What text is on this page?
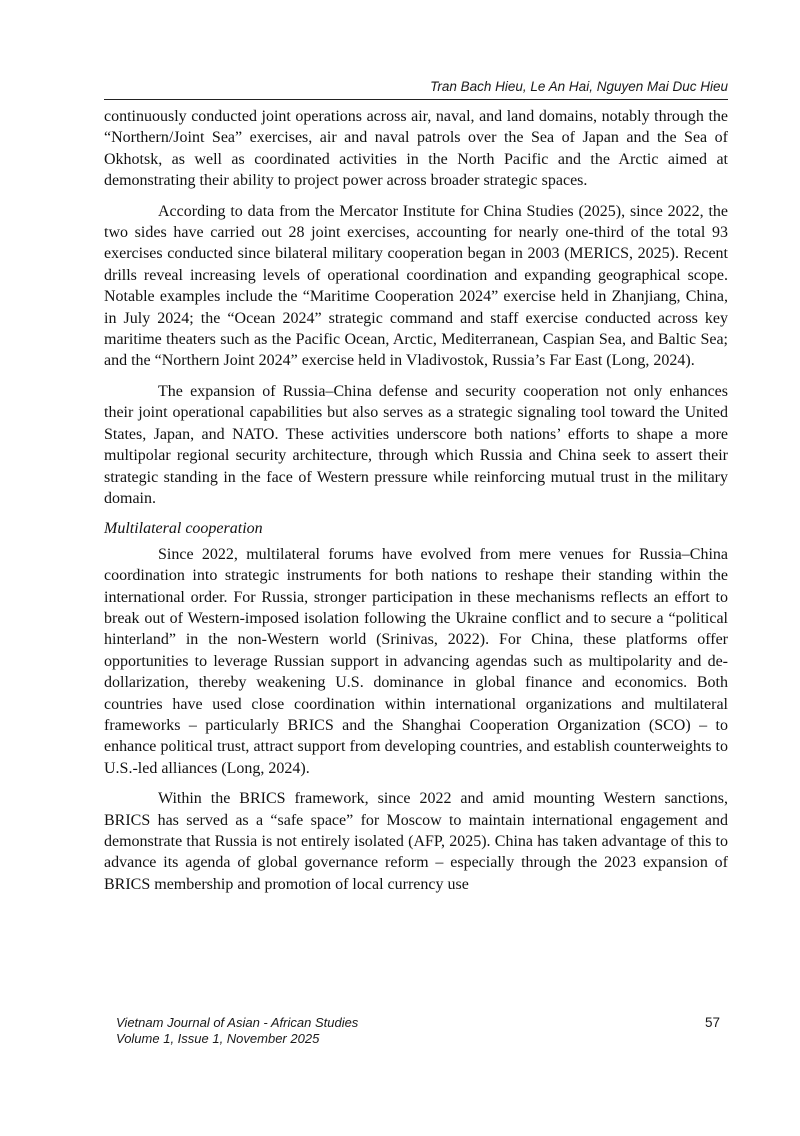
Tran Bach Hieu, Le An Hai, Nguyen Mai Duc Hieu

continuously conducted joint operations across air, naval, and land domains, notably through the “Northern/Joint Sea” exercises, air and naval patrols over the Sea of Japan and the Sea of Okhotsk, as well as coordinated activities in the North Pacific and the Arctic aimed at demonstrating their ability to project power across broader strategic spaces.

According to data from the Mercator Institute for China Studies (2025), since 2022, the two sides have carried out 28 joint exercises, accounting for nearly one-third of the total 93 exercises conducted since bilateral military cooperation began in 2003 (MERICS, 2025). Recent drills reveal increasing levels of operational coordination and expanding geographical scope. Notable examples include the “Maritime Cooperation 2024” exercise held in Zhanjiang, China, in July 2024; the “Ocean 2024” strategic command and staff exercise conducted across key maritime theaters such as the Pacific Ocean, Arctic, Mediterranean, Caspian Sea, and Baltic Sea; and the “Northern Joint 2024” exercise held in Vladivostok, Russia’s Far East (Long, 2024).

The expansion of Russia–China defense and security cooperation not only enhances their joint operational capabilities but also serves as a strategic signaling tool toward the United States, Japan, and NATO. These activities underscore both nations’ efforts to shape a more multipolar regional security architecture, through which Russia and China seek to assert their strategic standing in the face of Western pressure while reinforcing mutual trust in the military domain.

Multilateral cooperation

Since 2022, multilateral forums have evolved from mere venues for Russia–China coordination into strategic instruments for both nations to reshape their standing within the international order. For Russia, stronger participation in these mechanisms reflects an effort to break out of Western-imposed isolation following the Ukraine conflict and to secure a “political hinterland” in the non-Western world (Srinivas, 2022). For China, these platforms offer opportunities to leverage Russian support in advancing agendas such as multipolarity and de-dollarization, thereby weakening U.S. dominance in global finance and economics. Both countries have used close coordination within international organizations and multilateral frameworks – particularly BRICS and the Shanghai Cooperation Organization (SCO) – to enhance political trust, attract support from developing countries, and establish counterweights to U.S.-led alliances (Long, 2024).

Within the BRICS framework, since 2022 and amid mounting Western sanctions, BRICS has served as a “safe space” for Moscow to maintain international engagement and demonstrate that Russia is not entirely isolated (AFP, 2025). China has taken advantage of this to advance its agenda of global governance reform – especially through the 2023 expansion of BRICS membership and promotion of local currency use

Vietnam Journal of Asian - African Studies
Volume 1, Issue 1, November 2025
57
